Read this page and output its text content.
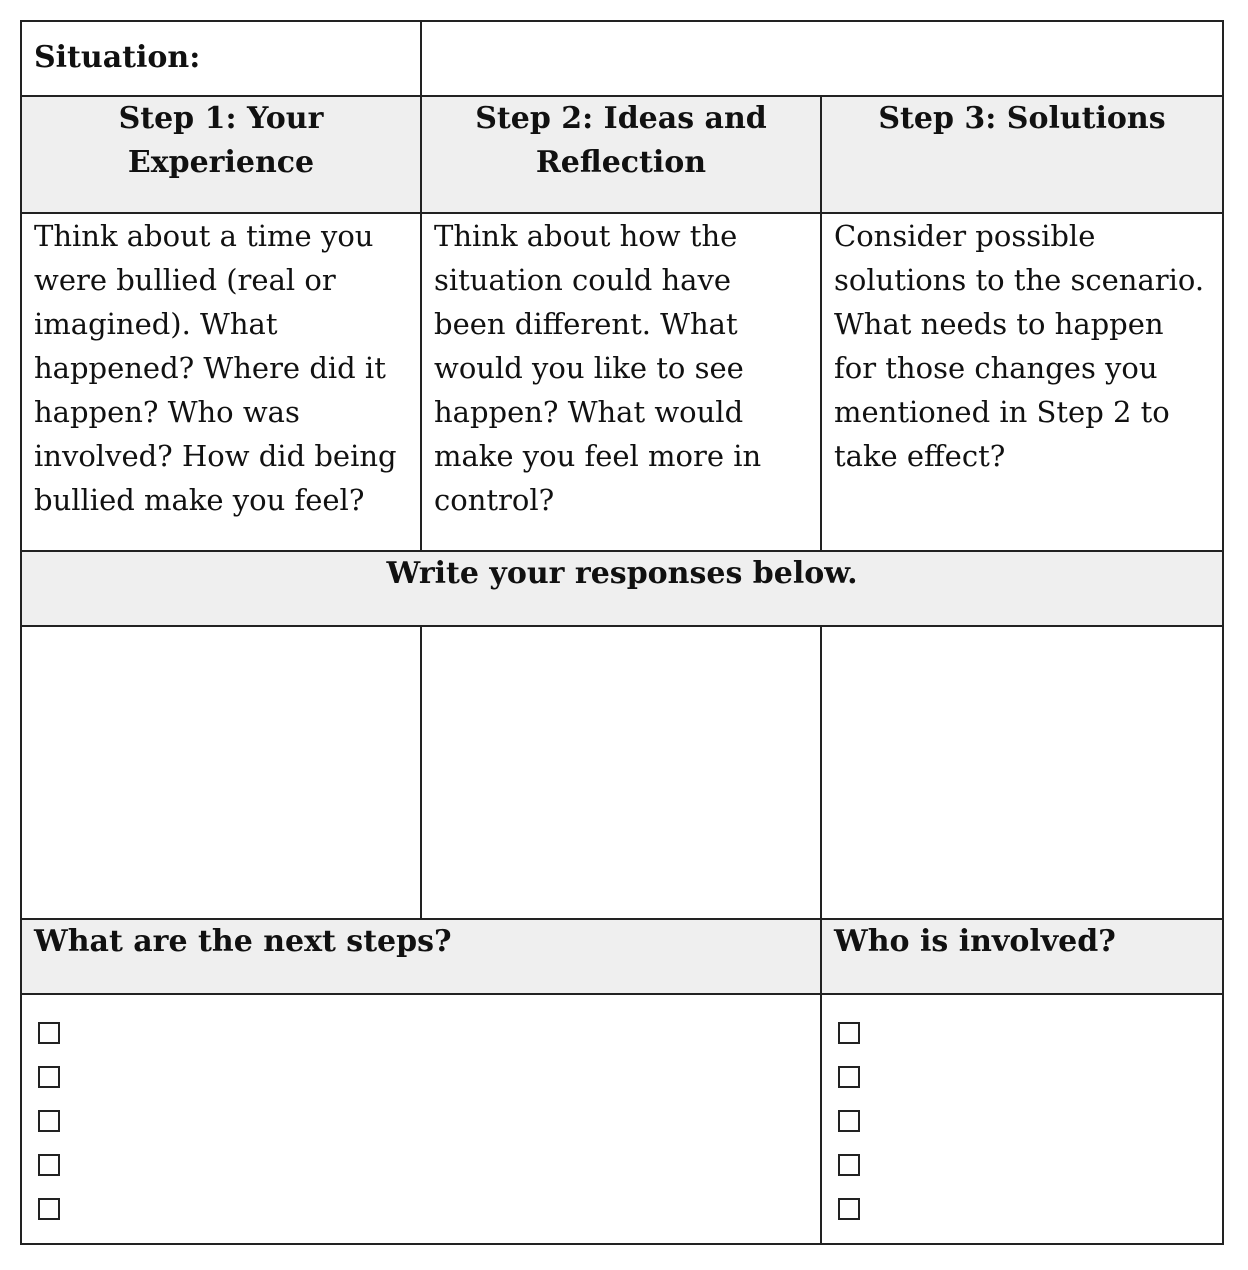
Situation:		

Step 1: Your Experience	Step 2: Ideas and Reflection	Step 3: Solutions
Think about a time you were bullied (real or imagined). What happened? Where did it happen? Who was involved? How did being bullied make you feel?	Think about how the situation could have been different. What would you like to see happen? What would make you feel more in control?	Consider possible solutions to the scenario. What needs to happen for those changes you mentioned in Step 2 to take effect?
Write your responses below.		

What are the next steps?		Who is involved?
